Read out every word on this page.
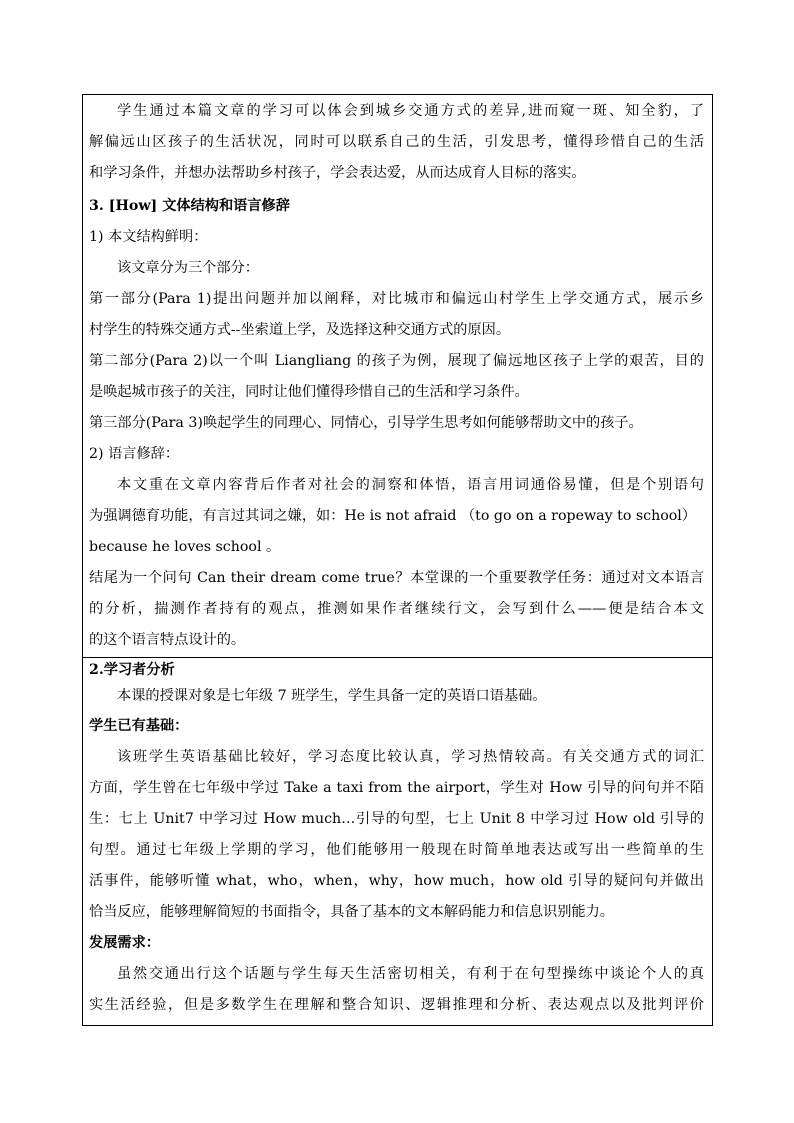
学生通过本篇文章的学习可以体会到城乡交通方式的差异,进而窥一斑、知全豹，了
解偏远山区孩子的生活状况，同时可以联系自己的生活，引发思考，懂得珍惜自己的生活
和学习条件，并想办法帮助乡村孩子，学会表达爱，从而达成育人目标的落实。
3. [How] 文体结构和语言修辞
1) 本文结构鲜明：
该文章分为三个部分：
第一部分(Para 1)提出问题并加以阐释，对比城市和偏远山村学生上学交通方式，展示乡
村学生的特殊交通方式--坐索道上学，及选择这种交通方式的原因。
第二部分(Para 2)以一个叫 Liangliang 的孩子为例，展现了偏远地区孩子上学的艰苦，目的
是唤起城市孩子的关注，同时让他们懂得珍惜自己的生活和学习条件。
第三部分(Para 3)唤起学生的同理心、同情心，引导学生思考如何能够帮助文中的孩子。
2) 语言修辞：
本文重在文章内容背后作者对社会的洞察和体悟，语言用词通俗易懂，但是个别语句
为强调德育功能，有言过其词之嫌，如：He is not afraid （to go on a ropeway to school）
because he loves school 。
结尾为一个问句 Can their dream come true？本堂课的一个重要教学任务：通过对文本语言
的分析，揣测作者持有的观点，推测如果作者继续行文，会写到什么——便是结合本文
的这个语言特点设计的。
2.学习者分析
本课的授课对象是七年级 7 班学生，学生具备一定的英语口语基础。
学生已有基础：
该班学生英语基础比较好，学习态度比较认真，学习热情较高。有关交通方式的词汇
方面，学生曾在七年级中学过 Take a taxi from the airport，学生对 How 引导的问句并不陌
生：七上 Unit7 中学习过 How much…引导的句型，七上 Unit 8 中学习过 How old 引导的
句型。通过七年级上学期的学习，他们能够用一般现在时简单地表达或写出一些简单的生
活事件，能够听懂 what，who，when，why，how much，how old 引导的疑问句并做出
恰当反应，能够理解简短的书面指令，具备了基本的文本解码能力和信息识别能力。
发展需求：
虽然交通出行这个话题与学生每天生活密切相关，有利于在句型操练中谈论个人的真
实生活经验，但是多数学生在理解和整合知识、逻辑推理和分析、表达观点以及批判评价
